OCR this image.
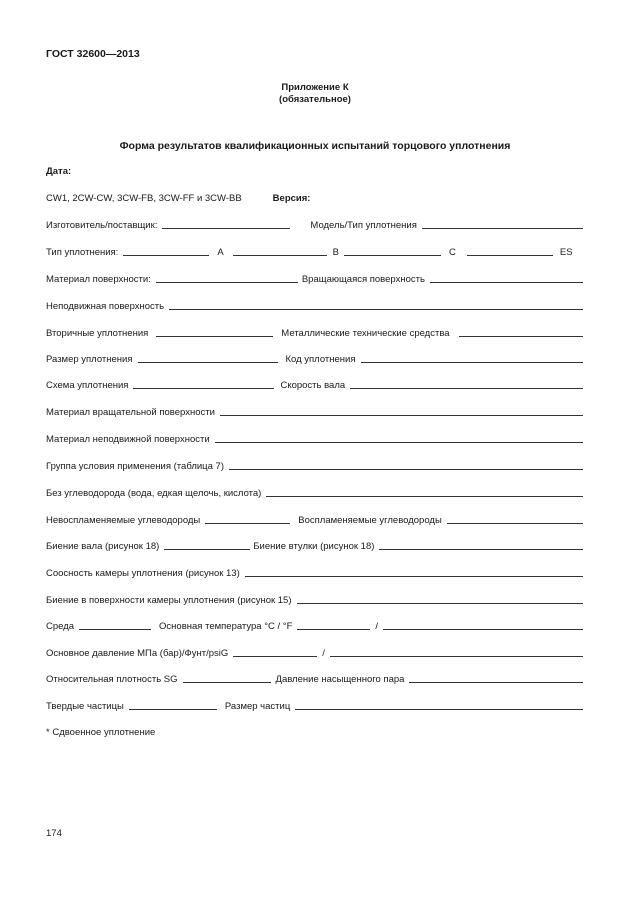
ГОСТ 32600—2013
Приложение К
(обязательное)
Форма результатов квалификационных испытаний торцового уплотнения
Дата:
CW1, 2CW-CW, 3CW-FB, 3CW-FF и 3CW-BB	Версия:
Изготовитель/поставщик:	Модель/Тип уплотнения
Тип уплотнения:	A	B	C	ES
Материал поверхности:	Вращающаяся поверхность
Неподвижная поверхность
Вторичные уплотнения	Металлические технические средства
Размер уплотнения	Код уплотнения
Схема уплотнения	Скорость вала
Материал вращательной поверхности
Материал неподвижной поверхности
Группа условия применения (таблица 7)
Без углеводорода (вода, едкая щелочь, кислота)
Невоспламеняемые углеводороды	Воспламеняемые углеводороды
Биение вала (рисунок 18)	Биение втулки (рисунок 18)
Соосность камеры уплотнения (рисунок 13)
Биение в поверхности камеры уплотнения (рисунок 15)
Среда	Основная температура °С / °F	/
Основное давление МПа (бар)/Фунт/psiG	/
Относительная плотность SG	Давление насыщенного пара
Твердые частицы	Размер частиц
* Сдвоенное уплотнение
174
